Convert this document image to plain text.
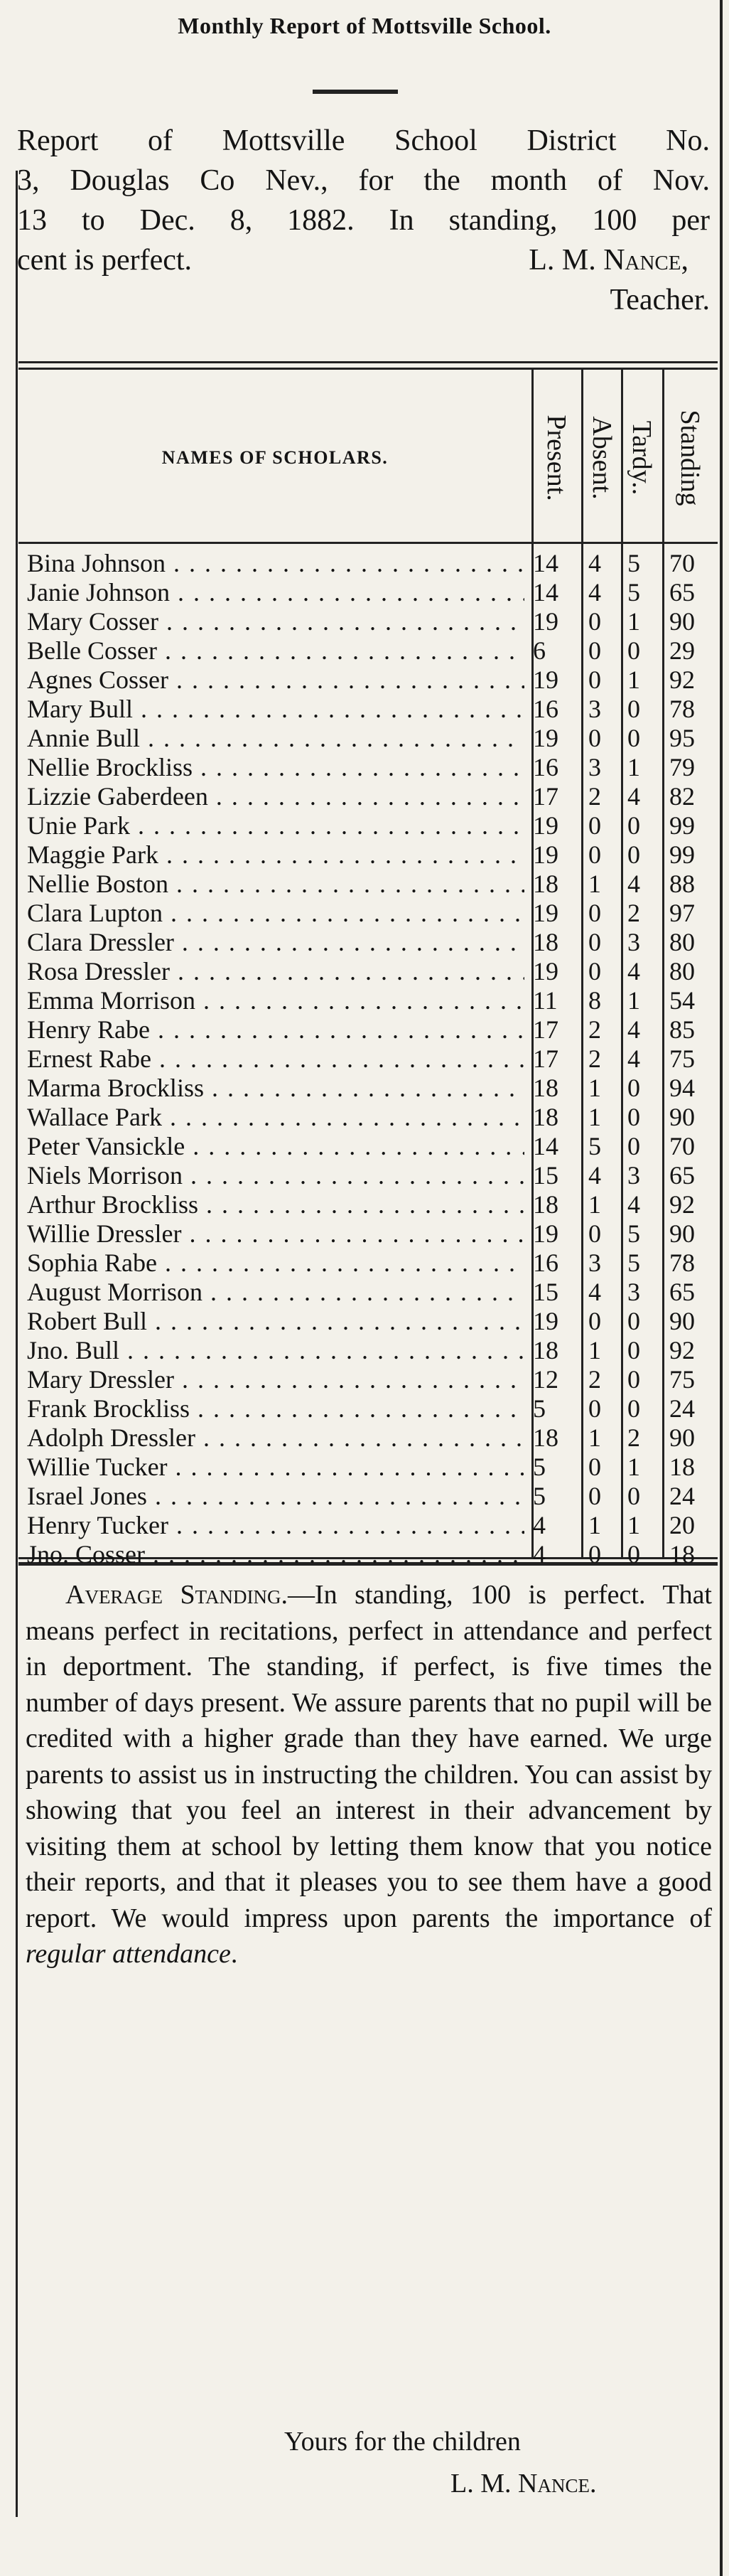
Monthly Report of Mottsville School.

Report of Mottsville School District No.

3, Douglas Co Nev., for the month of Nov.

13 to Dec. 8, 1882. In standing, 100 per

cent is perfect.	L. M. Nance,

Teacher.

NAMES OF SCHOLARS.	Present. Absent. Tardy.. Standing
Bina Johnson . . .	14	4	5	70
Janie Johnson . . .	14	4	5	65
Mary Cosser . . .	19	0	1	90
Belle Cosser . . .	6	0	0	29
Agnes Cosser . . .	19	0	1	92
Mary Bull . . .	16	3	0	78
Annie Bull . . .	19	0	0	95
Nellie Brockliss . . .	16	3	1	79
Lizzie Gaberdeen . . .	17	2	4	82
Unie Park . . .	19	0	0	99
Maggie Park . . .	19	0	0	99
Nellie Boston . . .	18	1	4	88
Clara Lupton . . .	19	0	2	97
Clara Dressler . . .	18	0	3	80
Rosa Dressler . . .	19	0	4	80
Emma Morrison . . .	11	8	1	54
Henry Rabe . . .	17	2	4	85
Ernest Rabe . . .	17	2	4	75
Marma Brockliss . . .	18	1	0	94
Wallace Park . . .	18	1	0	90
Peter Vansickle . . .	14	5	0	70
Niels Morrison . . .	15	4	3	65
Arthur Brockliss . . .	18	1	4	92
Willie Dressler . . .	19	0	5	90
Sophia Rabe . . .	16	3	5	78
August Morrison . . .	15	4	3	65
Robert Bull . . .	19	0	0	90
Jno. Bull . . .	18	1	0	92
Mary Dressler . . .	12	2	0	75
Frank Brockliss . . .	5	0	0	24
Adolph Dressler . . .	18	1	2	90
Willie Tucker . . .	5	0	1	18
Israel Jones . . .	5	0	0	24
Henry Tucker . . .	4	1	1	20
Jno. Cosser . . .	4	0	0	18

Average Standing.—In standing, 100 is perfect. That means perfect in recitations, perfect in attendance and perfect in deportment. The standing, if perfect, is five times the number of days present. We assure parents that no pupil will be credited with a higher grade than they have earned. We urge parents to assist us in instructing the children. You can assist by showing that you feel an interest in their advancement by visiting them at school by letting them know that you notice their reports, and that it pleases you to see them have a good report. We would impress upon parents the importance of regular attendance.

Yours for the children
L. M. Nance.
